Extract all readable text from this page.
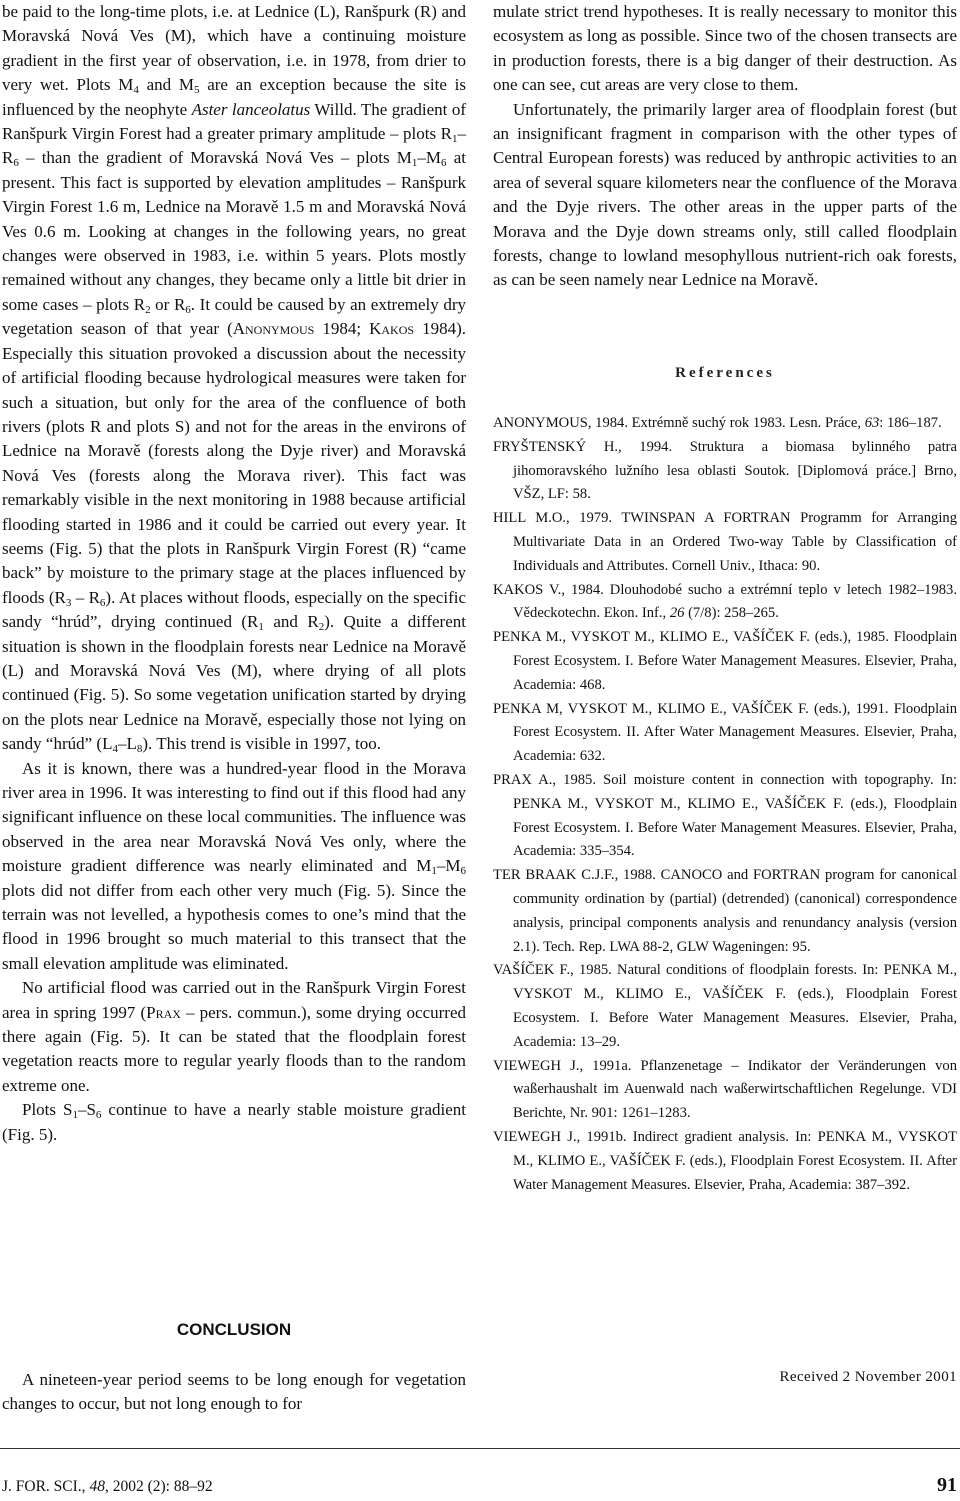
be paid to the long-time plots, i.e. at Lednice (L), Ranšpurk (R) and Moravská Nová Ves (M), which have a continuing moisture gradient in the first year of observation, i.e. in 1978, from drier to very wet. Plots $M_4$ and $M_5$ are an exception because the site is influenced by the neophyte Aster lanceolatus Willd. The gradient of Ranšpurk Virgin Forest had a greater primary amplitude – plots $R_1-R_6$ – than the gradient of Moravská Nová Ves – plots $M_1-M_6$ at present. This fact is supported by elevation amplitudes – Ranšpurk Virgin Forest 1.6 m, Lednice na Moravě 1.5 m and Moravská Nová Ves 0.6 m. Looking at changes in the following years, no great changes were observed in 1983, i.e. within 5 years. Plots mostly remained without any changes, they became only a little bit drier in some cases – plots $R_2$ or $R_6$. It could be caused by an extremely dry vegetation season of that year (Anonymous 1984; Kakos 1984). Especially this situation provoked a discussion about the necessity of artificial flooding because hydrological measures were taken for such a situation, but only for the area of the confluence of both rivers (plots R and plots S) and not for the areas in the environs of Lednice na Moravě (forests along the Dyje river) and Moravská Nová Ves (forests along the Morava river). This fact was remarkably visible in the next monitoring in 1988 because artificial flooding started in 1986 and it could be carried out every year. It seems (Fig. 5) that the plots in Ranšpurk Virgin Forest (R) “came back” by moisture to the primary stage at the places influenced by floods $(R_3 - R_6)$. At places without floods, especially on the specific sandy “hrúd”, drying continued ($R_1$ and $R_2$). Quite a different situation is shown in the floodplain forests near Lednice na Moravě (L) and Moravská Nová Ves (M), where drying of all plots continued (Fig. 5). So some vegetation unification started by drying on the plots near Lednice na Moravě, especially those not lying on sandy “hrúd” $(L_4-L_8)$. This trend is visible in 1997, too.

As it is known, there was a hundred-year flood in the Morava river area in 1996. It was interesting to find out if this flood had any significant influence on these local communities. The influence was observed in the area near Moravská Nová Ves only, where the moisture gradient difference was nearly eliminated and $M_1-M_6$ plots did not differ from each other very much (Fig. 5). Since the terrain was not levelled, a hypothesis comes to one’s mind that the flood in 1996 brought so much material to this transect that the small elevation amplitude was eliminated.

No artificial flood was carried out in the Ranšpurk Virgin Forest area in spring 1997 (Prax – pers. commun.), some drying occurred there again (Fig. 5). It can be stated that the floodplain forest vegetation reacts more to regular yearly floods than to the random extreme one.

Plots $S_1-S_6$ continue to have a nearly stable moisture gradient (Fig. 5).

CONCLUSION

A nineteen-year period seems to be long enough for vegetation changes to occur, but not long enough to for

mulate strict trend hypotheses. It is really necessary to monitor this ecosystem as long as possible. Since two of the chosen transects are in production forests, there is a big danger of their destruction. As one can see, cut areas are very close to them.

Unfortunately, the primarily larger area of floodplain forest (but an insignificant fragment in comparison with the other types of Central European forests) was reduced by anthropic activities to an area of several square kilometers near the confluence of the Morava and the Dyje rivers. The other areas in the upper parts of the Morava and the Dyje down streams only, still called floodplain forests, change to lowland mesophyllous nutrient-rich oak forests, as can be seen namely near Lednice na Moravě.

References
ANONYMOUS, 1984. Extrémně suchý rok 1983. Lesn. Práce, 63: 186–187.
FRYŠTENSKÝ H., 1994. Struktura a biomasa bylinného patra jihomoravského lužního lesa oblasti Soutok. [Diplomová práce.] Brno, VŠZ, LF: 58.
HILL M.O., 1979. TWINSPAN A FORTRAN Programm for Arranging Multivariate Data in an Ordered Two-way Table by Classification of Individuals and Attributes. Cornell Univ., Ithaca: 90.
KAKOS V., 1984. Dlouhodobé sucho a extrémní teplo v letech 1982–1983. Vědeckotechn. Ekon. Inf., 26 (7/8): 258–265.
PENKA M., VYSKOT M., KLIMO E., VAŠÍČEK F. (eds.), 1985. Floodplain Forest Ecosystem. I. Before Water Management Measures. Elsevier, Praha, Academia: 468.
PENKA M, VYSKOT M., KLIMO E., VAŠÍČEK F. (eds.), 1991. Floodplain Forest Ecosystem. II. After Water Management Measures. Elsevier, Praha, Academia: 632.
PRAX A., 1985. Soil moisture content in connection with topography. In: PENKA M., VYSKOT M., KLIMO E., VAŠÍČEK F. (eds.), Floodplain Forest Ecosystem. I. Before Water Management Measures. Elsevier, Praha, Academia: 335–354.
TER BRAAK C.J.F., 1988. CANOCO and FORTRAN program for canonical community ordination by (partial) (detrended) (canonical) correspondence analysis, principal components analysis and renundancy analysis (version 2.1). Tech. Rep. LWA 88-2, GLW Wageningen: 95.
VAŠÍČEK F., 1985. Natural conditions of floodplain forests. In: PENKA M., VYSKOT M., KLIMO E., VAŠÍČEK F. (eds.), Floodplain Forest Ecosystem. I. Before Water Management Measures. Elsevier, Praha, Academia: 13–29.
VIEWEGH J., 1991a. Pflanzenetage – Indikator der Veränderungen von waßerhaushalt im Auenwald nach waßerwirtschaftlichen Regelunge. VDI Berichte, Nr. 901: 1261–1283.
VIEWEGH J., 1991b. Indirect gradient analysis. In: PENKA M., VYSKOT M., KLIMO E., VAŠÍČEK F. (eds.), Floodplain Forest Ecosystem. II. After Water Management Measures. Elsevier, Praha, Academia: 387–392.

Received 2 November 2001

J. FOR. SCI., 48, 2002 (2): 88–92	91
